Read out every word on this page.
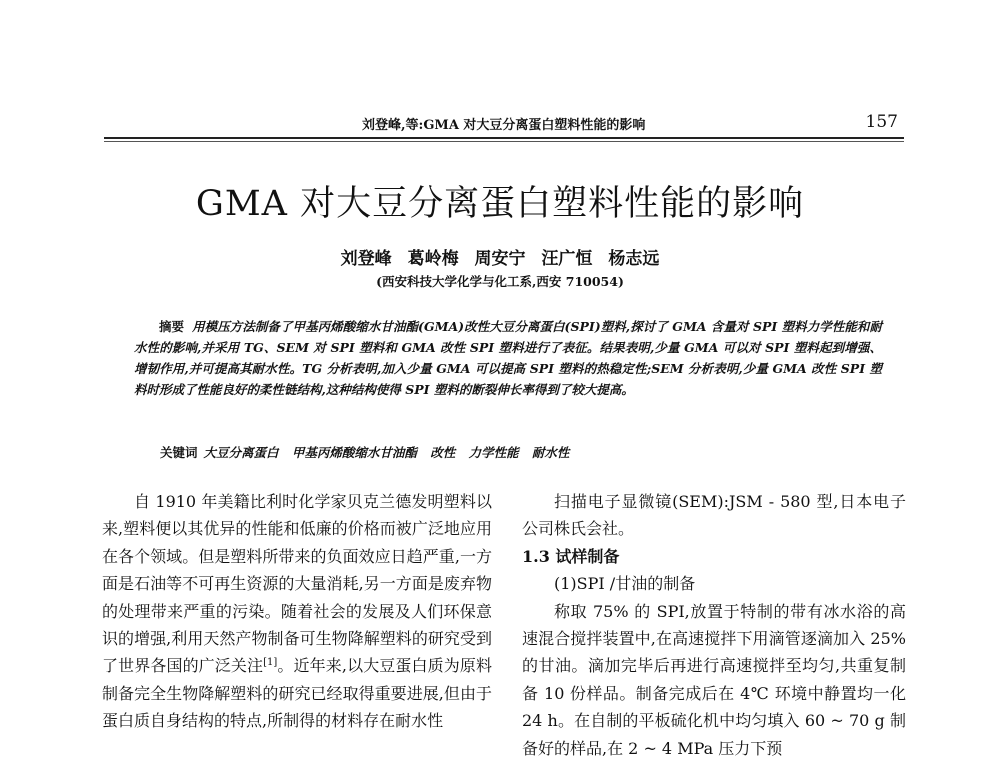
刘登峰,等:GMA 对大豆分离蛋白塑料性能的影响	157
GMA 对大豆分离蛋白塑料性能的影响
刘登峰 葛岭梅 周安宁 汪广恒 杨志远
(西安科技大学化学与化工系,西安 710054)
摘要 用模压方法制备了甲基丙烯酸缩水甘油酯(GMA)改性大豆分离蛋白(SPI)塑料,探讨了 GMA 含量对 SPI 塑料力学性能和耐水性的影响,并采用 TG、SEM 对 SPI 塑料和 GMA 改性 SPI 塑料进行了表征。结果表明,少量 GMA 可以对 SPI 塑料起到增强、增韧作用,并可提高其耐水性。TG 分析表明,加入少量 GMA 可以提高 SPI 塑料的热稳定性;SEM 分析表明,少量 GMA 改性 SPI 塑料时形成了性能良好的柔性链结构,这种结构使得 SPI 塑料的断裂伸长率得到了较大提高。
关键词 大豆分离蛋白 甲基丙烯酸缩水甘油酯 改性 力学性能 耐水性

自 1910 年美籍比利时化学家贝克兰德发明塑料以来,塑料便以其优异的性能和低廉的价格而被广泛地应用在各个领域。但是塑料所带来的负面效应日趋严重,一方面是石油等不可再生资源的大量消耗,另一方面是废弃物的处理带来严重的污染。随着社会的发展及人们环保意识的增强,利用天然产物制备可生物降解塑料的研究受到了世界各国的广泛关注[1]。近年来,以大豆蛋白质为原料制备完全生物降解塑料的研究已经取得重要进展,但由于蛋白质自身结构的特点,所制得的材料存在耐水性

扫描电子显微镜(SEM):JSM - 580 型,日本电子公司株氏会社。

1.3 试样制备

(1)SPI /甘油的制备

称取 75% 的 SPI,放置于特制的带有冰水浴的高速混合搅拌装置中,在高速搅拌下用滴管逐滴加入 25% 的甘油。滴加完毕后再进行高速搅拌至均匀,共重复制备 10 份样品。制备完成后在 4℃ 环境中静置均一化 24 h。在自制的平板硫化机中均匀填入 60 ~ 70 g 制备好的样品,在 2 ~ 4 MPa 压力下预
